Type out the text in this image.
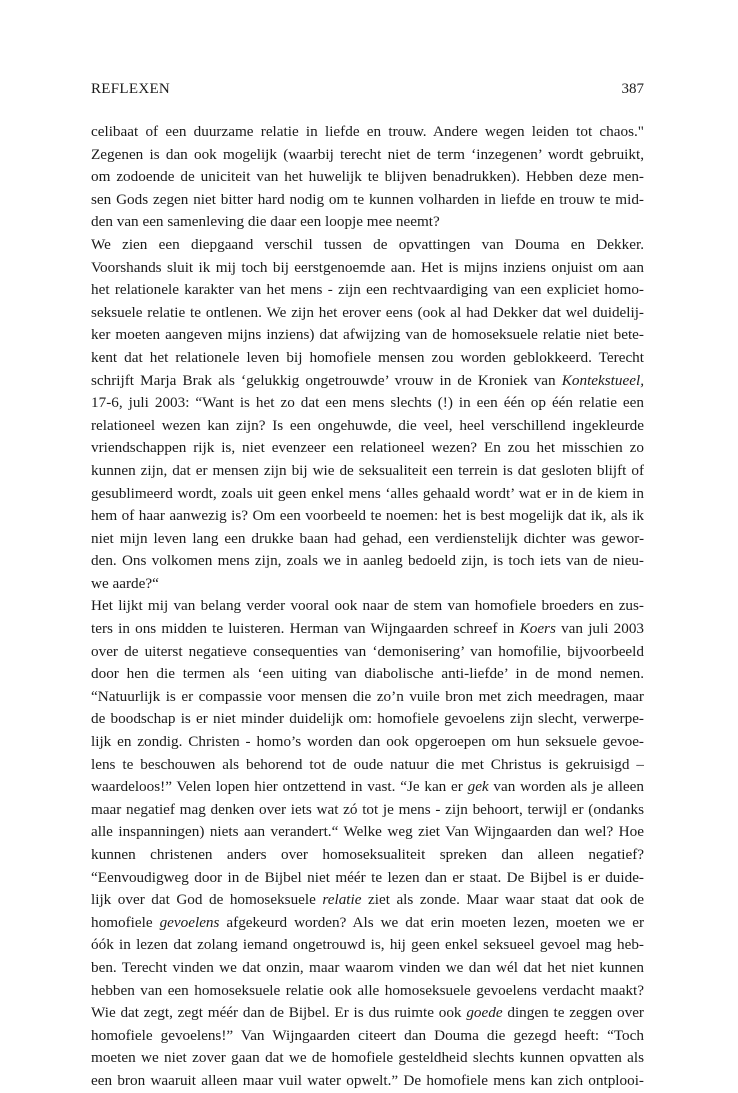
REFLEXEN	387
celibaat of een duurzame relatie in liefde en trouw. Andere wegen leiden tot chaos."
Zegenen is dan ook mogelijk (waarbij terecht niet de term ‘inzegenen’ wordt gebruikt,
om zodoende de uniciteit van het huwelijk te blijven benadrukken). Hebben deze men-
sen Gods zegen niet bitter hard nodig om te kunnen volharden in liefde en trouw te mid-
den van een samenleving die daar een loopje mee neemt?
We zien een diepgaand verschil tussen de opvattingen van Douma en Dekker.
Voorshands sluit ik mij toch bij eerstgenoemde aan. Het is mijns inziens onjuist om aan
het relationele karakter van het mens - zijn een rechtvaardiging van een expliciet homo-
seksuele relatie te ontlenen. We zijn het erover eens (ook al had Dekker dat wel duidelij-
ker moeten aangeven mijns inziens) dat afwijzing van de homoseksuele relatie niet bete-
kent dat het relationele leven bij homofiele mensen zou worden geblokkeerd. Terecht
schrijft Marja Brak als ‘gelukkig ongetrouwde’ vrouw in de Kroniek van Kontekstueel,
17-6, juli 2003: “Want is het zo dat een mens slechts (!) in een één op één relatie een
relationeel wezen kan zijn? Is een ongehuwde, die veel, heel verschillend ingekleurde
vriendschappen rijk is, niet evenzeer een relationeel wezen? En zou het misschien zo
kunnen zijn, dat er mensen zijn bij wie de seksualiteit een terrein is dat gesloten blijft of
gesublimeerd wordt, zoals uit geen enkel mens ‘alles gehaald wordt’ wat er in de kiem in
hem of haar aanwezig is? Om een voorbeeld te noemen: het is best mogelijk dat ik, als ik
niet mijn leven lang een drukke baan had gehad, een verdienstelijk dichter was gewor-
den. Ons volkomen mens zijn, zoals we in aanleg bedoeld zijn, is toch iets van de nieu-
we aarde?“
Het lijkt mij van belang verder vooral ook naar de stem van homofiele broeders en zus-
ters in ons midden te luisteren. Herman van Wijngaarden schreef in Koers van juli 2003
over de uiterst negatieve consequenties van ‘demonisering’ van homofilie, bijvoorbeeld
door hen die termen als ‘een uiting van diabolische anti-liefde’ in de mond nemen.
“Natuurlijk is er compassie voor mensen die zo’n vuile bron met zich meedragen, maar
de boodschap is er niet minder duidelijk om: homofiele gevoelens zijn slecht, verwerpe-
lijk en zondig. Christen - homo’s worden dan ook opgeroepen om hun seksuele gevoe-
lens te beschouwen als behorend tot de oude natuur die met Christus is gekruisigd –
waardeloos!” Velen lopen hier ontzettend in vast. “Je kan er gek van worden als je alleen
maar negatief mag denken over iets wat zó tot je mens - zijn behoort, terwijl er (ondanks
alle inspanningen) niets aan verandert.“ Welke weg ziet Van Wijngaarden dan wel? Hoe
kunnen christenen anders over homoseksualiteit spreken dan alleen negatief?
“Eenvoudigweg door in de Bijbel niet méér te lezen dan er staat. De Bijbel is er duide-
lijk over dat God de homoseksuele relatie ziet als zonde. Maar waar staat dat ook de
homofiele gevoelens afgekeurd worden? Als we dat erin moeten lezen, moeten we er
óók in lezen dat zolang iemand ongetrouwd is, hij geen enkel seksueel gevoel mag heb-
ben. Terecht vinden we dat onzin, maar waarom vinden we dan wél dat het niet kunnen
hebben van een homoseksuele relatie ook alle homoseksuele gevoelens verdacht maakt?
Wie dat zegt, zegt méér dan de Bijbel. Er is dus ruimte ook goede dingen te zeggen over
homofiele gevoelens!” Van Wijngaarden citeert dan Douma die gezegd heeft: “Toch
moeten we niet zover gaan dat we de homofiele gesteldheid slechts kunnen opvatten als
een bron waaruit alleen maar vuil water opwelt.” De homofiele mens kan zich ontplooi-
